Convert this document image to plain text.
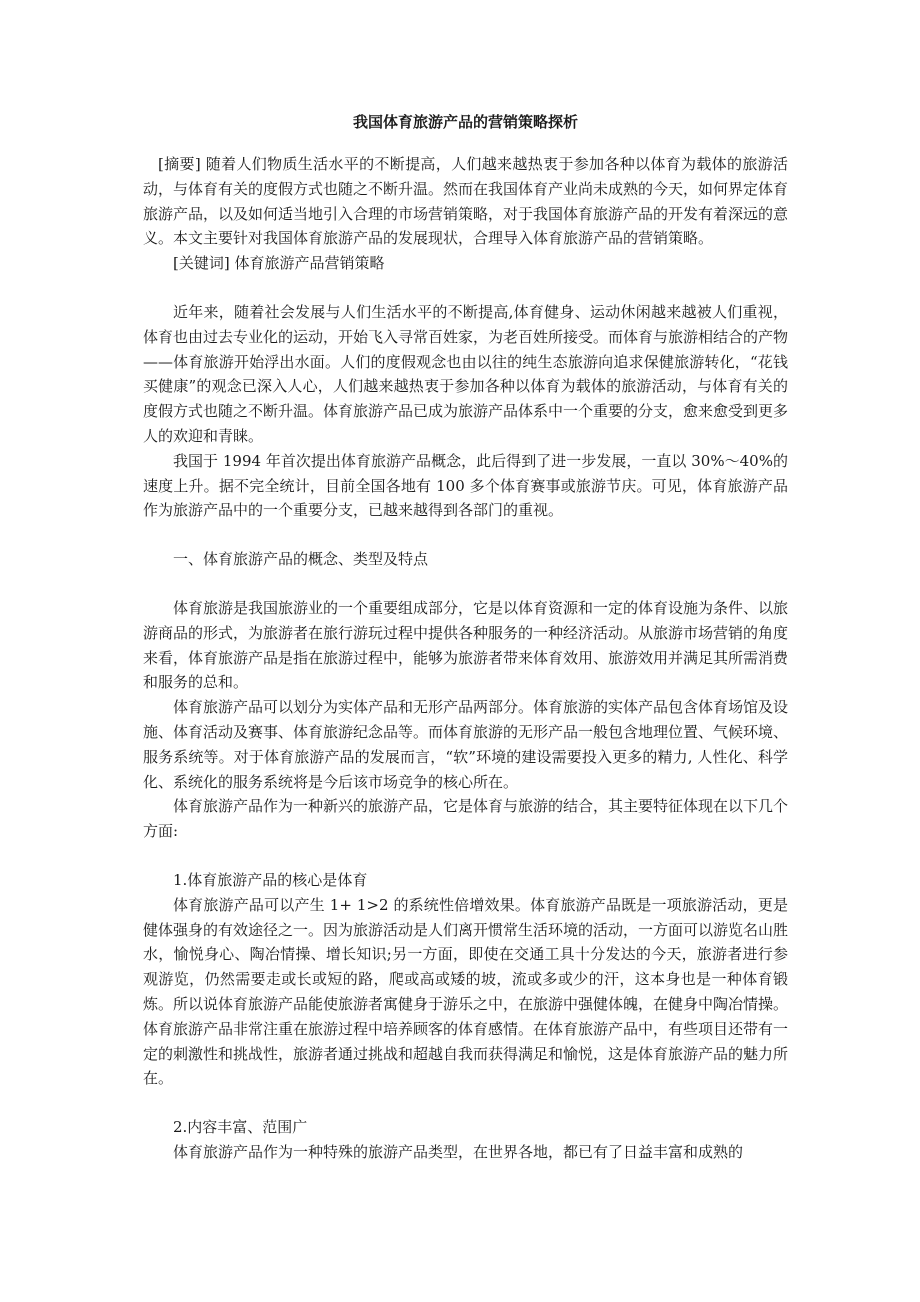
我国体育旅游产品的营销策略探析

[摘要] 随着人们物质生活水平的不断提高，人们越来越热衷于参加各种以体育为载体的旅游活动，与体育有关的度假方式也随之不断升温。然而在我国体育产业尚未成熟的今天，如何界定体育旅游产品，以及如何适当地引入合理的市场营销策略，对于我国体育旅游产品的开发有着深远的意义。本文主要针对我国体育旅游产品的发展现状，合理导入体育旅游产品的营销策略。

[关键词] 体育旅游产品营销策略

近年来，随着社会发展与人们生活水平的不断提高,体育健身、运动休闲越来越被人们重视，体育也由过去专业化的运动，开始飞入寻常百姓家，为老百姓所接受。而体育与旅游相结合的产物——体育旅游开始浮出水面。人们的度假观念也由以往的纯生态旅游向追求保健旅游转化，“花钱买健康”的观念已深入人心，人们越来越热衷于参加各种以体育为载体的旅游活动，与体育有关的度假方式也随之不断升温。体育旅游产品已成为旅游产品体系中一个重要的分支，愈来愈受到更多人的欢迎和青睐。

我国于 1994 年首次提出体育旅游产品概念，此后得到了进一步发展，一直以 30%～40%的速度上升。据不完全统计，目前全国各地有 100 多个体育赛事或旅游节庆。可见，体育旅游产品作为旅游产品中的一个重要分支，已越来越得到各部门的重视。

一、体育旅游产品的概念、类型及特点

体育旅游是我国旅游业的一个重要组成部分，它是以体育资源和一定的体育设施为条件、以旅游商品的形式，为旅游者在旅行游玩过程中提供各种服务的一种经济活动。从旅游市场营销的角度来看，体育旅游产品是指在旅游过程中，能够为旅游者带来体育效用、旅游效用并满足其所需消费和服务的总和。

体育旅游产品可以划分为实体产品和无形产品两部分。体育旅游的实体产品包含体育场馆及设施、体育活动及赛事、体育旅游纪念品等。而体育旅游的无形产品一般包含地理位置、气候环境、服务系统等。对于体育旅游产品的发展而言，“软”环境的建设需要投入更多的精力, 人性化、科学化、系统化的服务系统将是今后该市场竞争的核心所在。

体育旅游产品作为一种新兴的旅游产品，它是体育与旅游的结合，其主要特征体现在以下几个方面:

1.体育旅游产品的核心是体育

体育旅游产品可以产生 1+ 1>2 的系统性倍增效果。体育旅游产品既是一项旅游活动，更是健体强身的有效途径之一。因为旅游活动是人们离开惯常生活环境的活动，一方面可以游览名山胜水，愉悦身心、陶冶情操、增长知识;另一方面，即使在交通工具十分发达的今天，旅游者进行参观游览，仍然需要走或长或短的路，爬或高或矮的坡，流或多或少的汗，这本身也是一种体育锻炼。所以说体育旅游产品能使旅游者寓健身于游乐之中，在旅游中强健体魄，在健身中陶冶情操。体育旅游产品非常注重在旅游过程中培养顾客的体育感情。在体育旅游产品中，有些项目还带有一定的刺激性和挑战性，旅游者通过挑战和超越自我而获得满足和愉悦，这是体育旅游产品的魅力所在。

2.内容丰富、范围广

体育旅游产品作为一种特殊的旅游产品类型，在世界各地，都已有了日益丰富和成熟的
